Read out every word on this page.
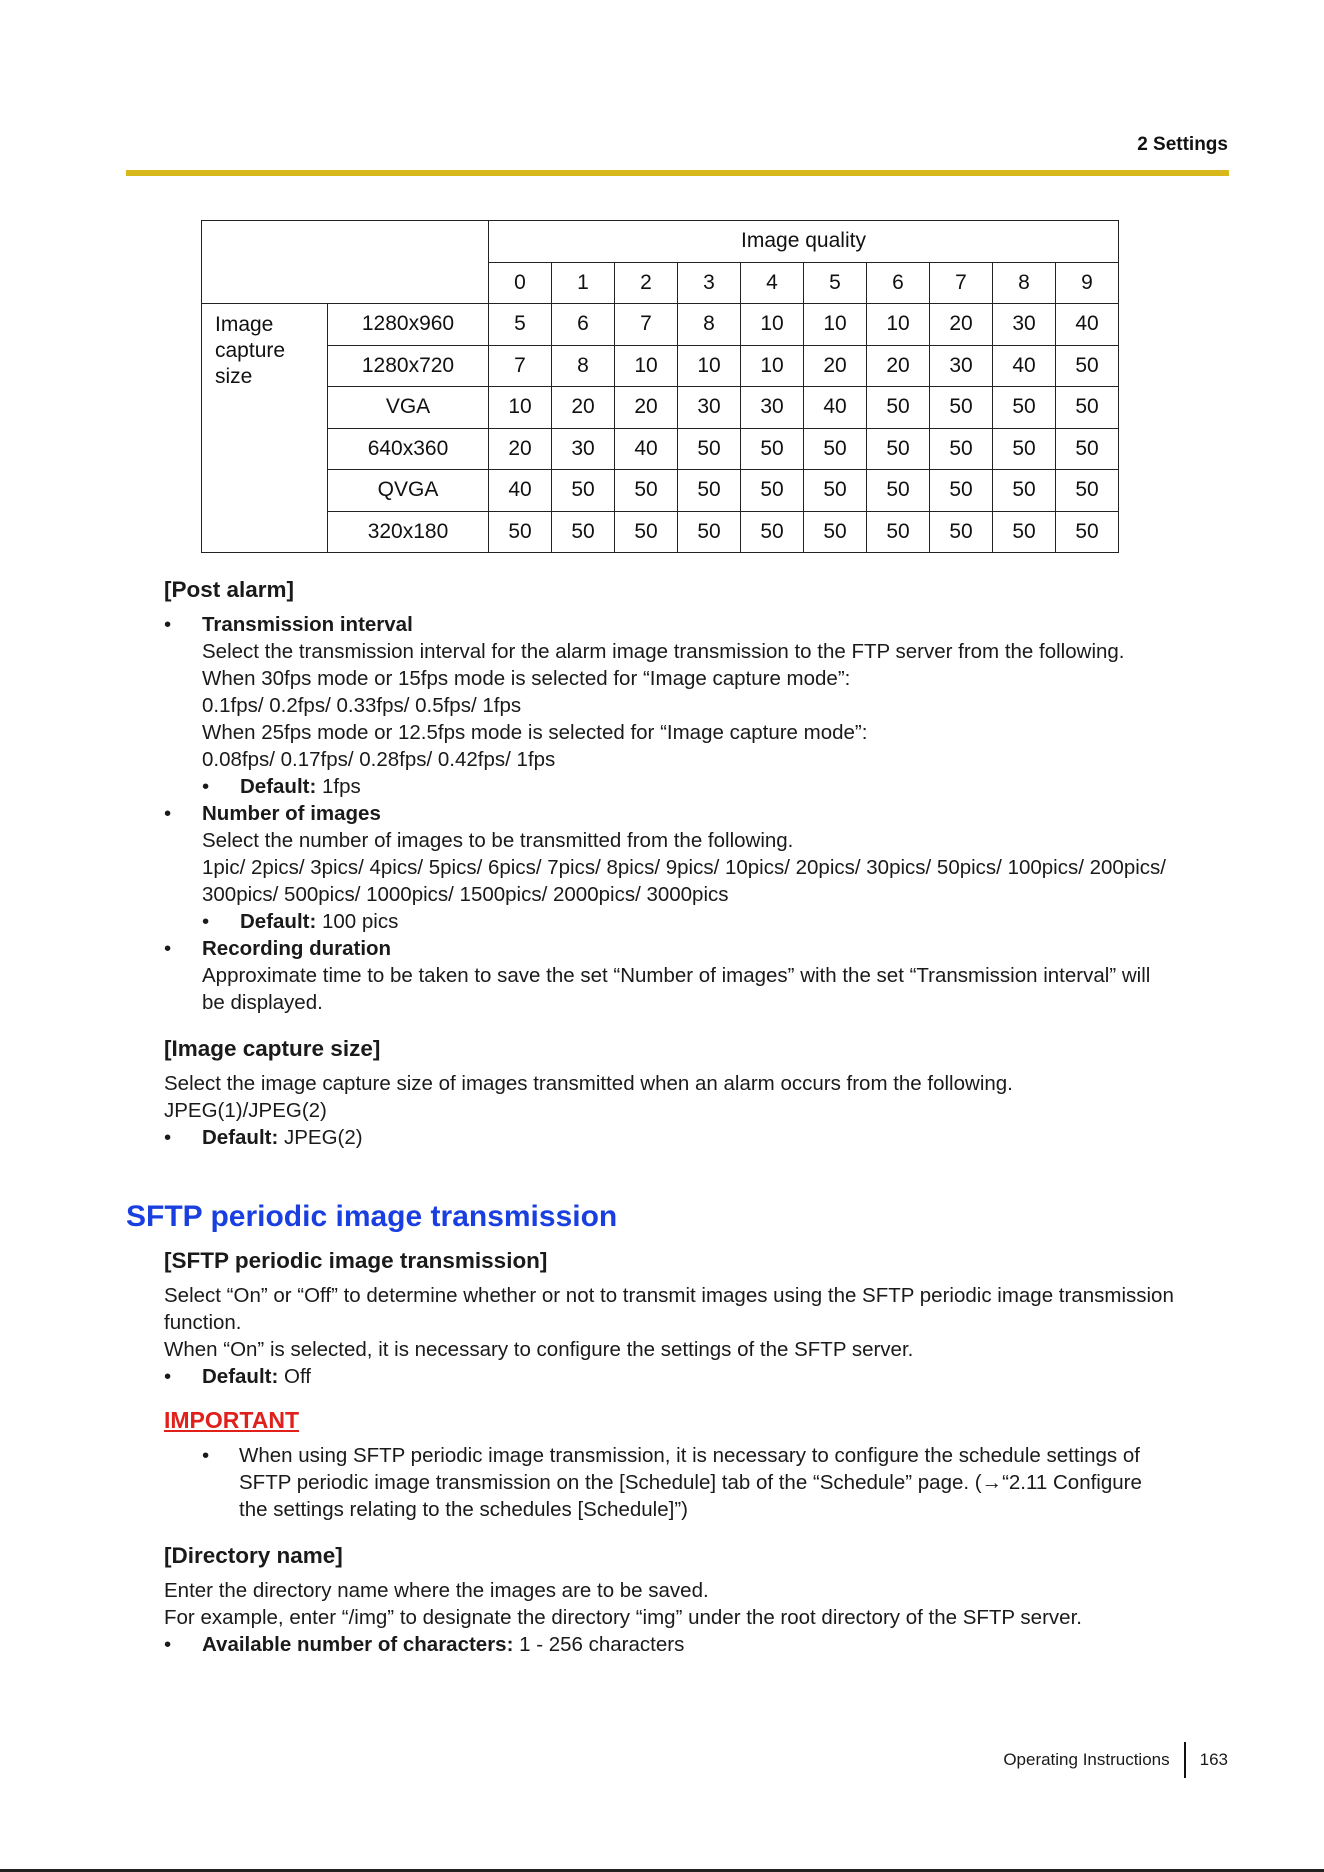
2 Settings
		Image quality									
		0	1	2	3	4	5	6	7	8	9
Image capture size	1280x960	5	6	7	8	10	10	10	20	30	40
	1280x720	7	8	10	10	10	20	20	30	40	50
	VGA	10	20	20	30	30	40	50	50	50	50
	640x360	20	30	40	50	50	50	50	50	50	50
	QVGA	40	50	50	50	50	50	50	50	50	50
	320x180	50	50	50	50	50	50	50	50	50	50
[Post alarm]
• Transmission interval
Select the transmission interval for the alarm image transmission to the FTP server from the following.
When 30fps mode or 15fps mode is selected for “Image capture mode”:
0.1fps/ 0.2fps/ 0.33fps/ 0.5fps/ 1fps
When 25fps mode or 12.5fps mode is selected for “Image capture mode”:
0.08fps/ 0.17fps/ 0.28fps/ 0.42fps/ 1fps
• Default: 1fps
• Number of images
Select the number of images to be transmitted from the following.
1pic/ 2pics/ 3pics/ 4pics/ 5pics/ 6pics/ 7pics/ 8pics/ 9pics/ 10pics/ 20pics/ 30pics/ 50pics/ 100pics/ 200pics/
300pics/ 500pics/ 1000pics/ 1500pics/ 2000pics/ 3000pics
• Default: 100 pics
• Recording duration
Approximate time to be taken to save the set “Number of images” with the set “Transmission interval” will
be displayed.
[Image capture size]
Select the image capture size of images transmitted when an alarm occurs from the following.
JPEG(1)/JPEG(2)
• Default: JPEG(2)
SFTP periodic image transmission
[SFTP periodic image transmission]
Select “On” or “Off” to determine whether or not to transmit images using the SFTP periodic image transmission
function.
When “On” is selected, it is necessary to configure the settings of the SFTP server.
• Default: Off
IMPORTANT
• When using SFTP periodic image transmission, it is necessary to configure the schedule settings of
SFTP periodic image transmission on the [Schedule] tab of the “Schedule” page. (→“2.11 Configure
the settings relating to the schedules [Schedule]”)
[Directory name]
Enter the directory name where the images are to be saved.
For example, enter “/img” to designate the directory “img” under the root directory of the SFTP server.
• Available number of characters: 1 - 256 characters
Operating Instructions 163
